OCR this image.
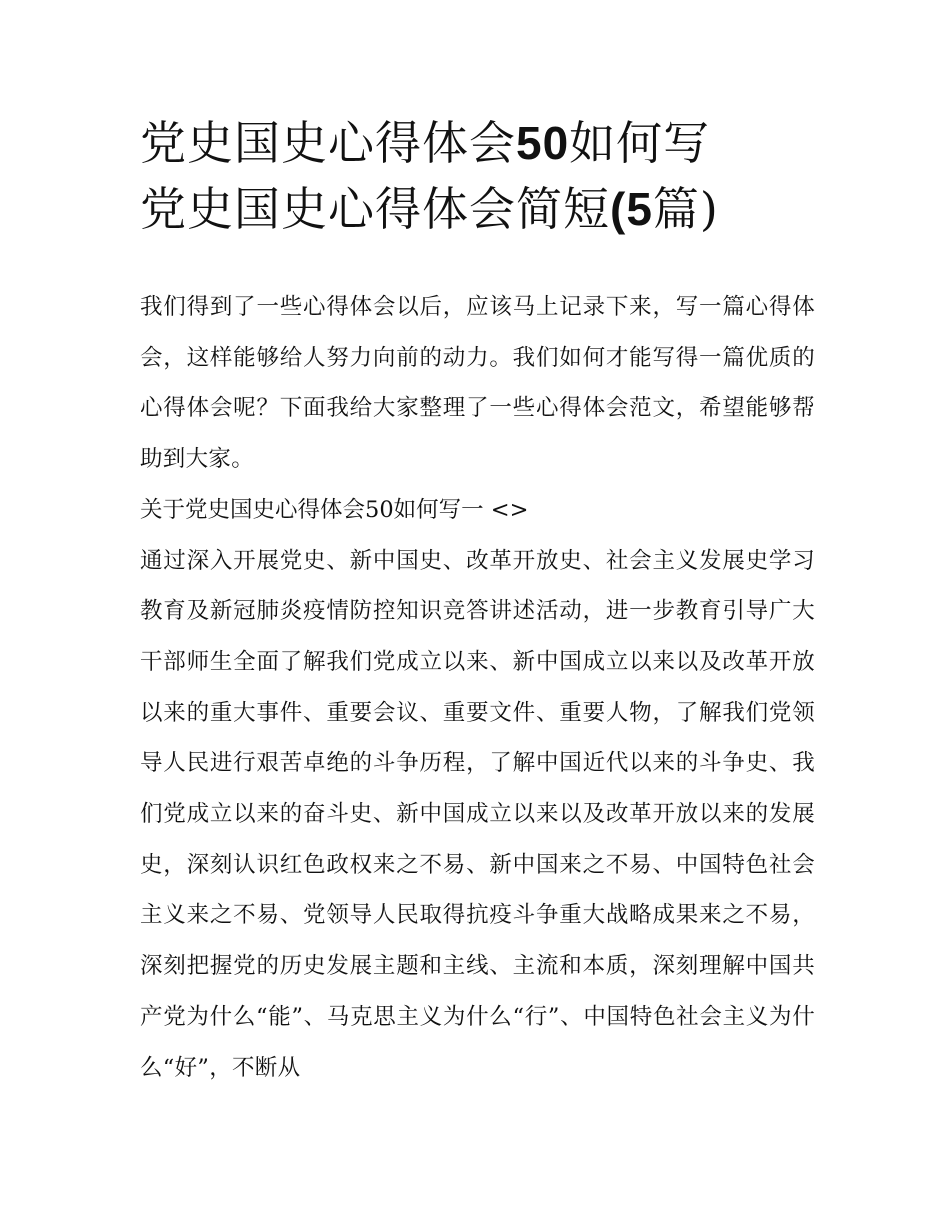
党史国史心得体会50如何写
党史国史心得体会简短(5篇)

我们得到了一些心得体会以后，应该马上记录下来，写一篇心得体会，这样能够给人努力向前的动力。我们如何才能写得一篇优质的心得体会呢？下面我给大家整理了一些心得体会范文，希望能够帮助到大家。

关于党史国史心得体会50如何写一 <>

通过深入开展党史、新中国史、改革开放史、社会主义发展史学习教育及新冠肺炎疫情防控知识竞答讲述活动，进一步教育引导广大干部师生全面了解我们党成立以来、新中国成立以来以及改革开放以来的重大事件、重要会议、重要文件、重要人物，了解我们党领导人民进行艰苦卓绝的斗争历程，了解中国近代以来的斗争史、我们党成立以来的奋斗史、新中国成立以来以及改革开放以来的发展史，深刻认识红色政权来之不易、新中国来之不易、中国特色社会主义来之不易、党领导人民取得抗疫斗争重大战略成果来之不易，深刻把握党的历史发展主题和主线、主流和本质，深刻理解中国共产党为什么“能”、马克思主义为什么“行”、中国特色社会主义为什么“好”，不断从
